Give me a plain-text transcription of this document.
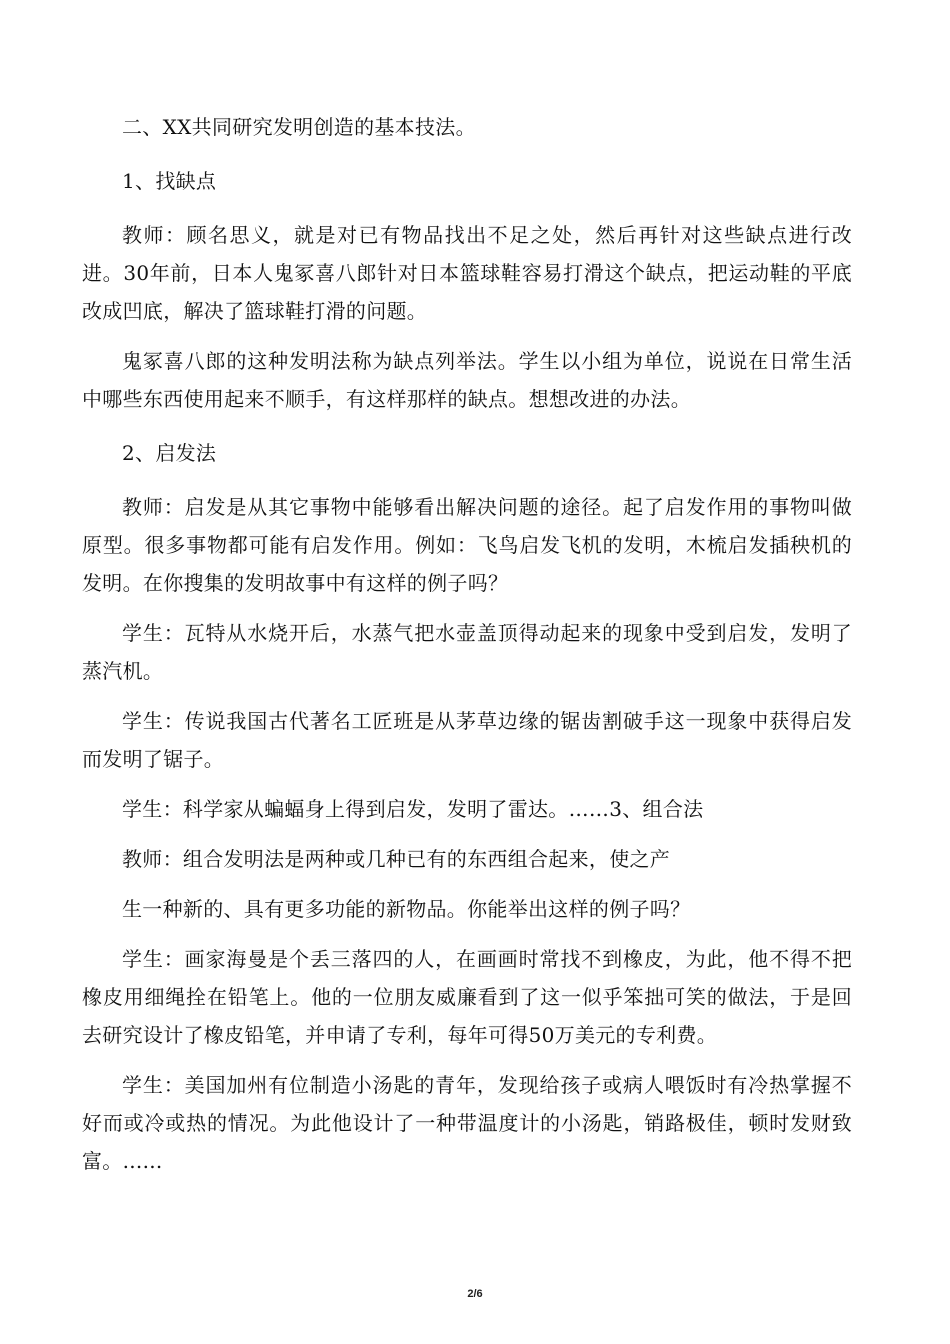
二、XX共同研究发明创造的基本技法。

1、找缺点

教师：顾名思义，就是对已有物品找出不足之处，然后再针对这些缺点进行改进。30年前，日本人鬼冢喜八郎针对日本篮球鞋容易打滑这个缺点，把运动鞋的平底改成凹底，解决了篮球鞋打滑的问题。

鬼冢喜八郎的这种发明法称为缺点列举法。学生以小组为单位，说说在日常生活中哪些东西使用起来不顺手，有这样那样的缺点。想想改进的办法。

2、启发法

教师：启发是从其它事物中能够看出解决问题的途径。起了启发作用的事物叫做原型。很多事物都可能有启发作用。例如：飞鸟启发飞机的发明，木梳启发插秧机的发明。在你搜集的发明故事中有这样的例子吗？

学生：瓦特从水烧开后，水蒸气把水壶盖顶得动起来的现象中受到启发，发明了蒸汽机。

学生：传说我国古代著名工匠班是从茅草边缘的锯齿割破手这一现象中获得启发而发明了锯子。

学生：科学家从蝙蝠身上得到启发，发明了雷达。……3、组合法

教师：组合发明法是两种或几种已有的东西组合起来，使之产

生一种新的、具有更多功能的新物品。你能举出这样的例子吗？

学生：画家海曼是个丢三落四的人，在画画时常找不到橡皮，为此，他不得不把橡皮用细绳拴在铅笔上。他的一位朋友威廉看到了这一似乎笨拙可笑的做法，于是回去研究设计了橡皮铅笔，并申请了专利，每年可得50万美元的专利费。

学生：美国加州有位制造小汤匙的青年，发现给孩子或病人喂饭时有冷热掌握不好而或冷或热的情况。为此他设计了一种带温度计的小汤匙，销路极佳，顿时发财致富。......

2/6
